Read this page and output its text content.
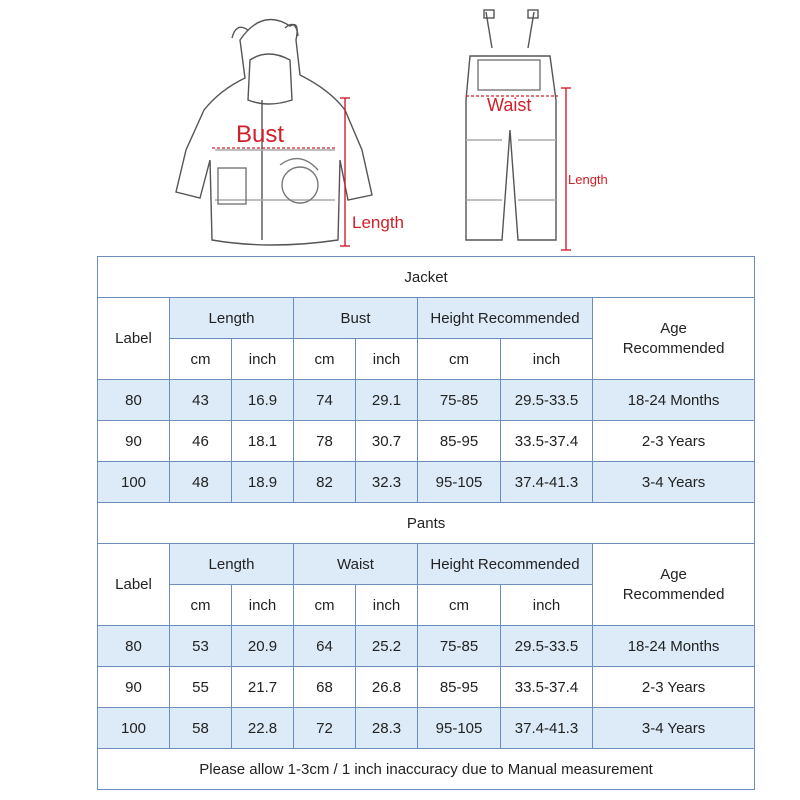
Bust
Length
Waist
Length
Jacket							
Label	Length		Bust		Height Recommended		Age Recommended
	cm	inch	cm	inch	cm	inch	
80	43	16.9	74	29.1	75-85	29.5-33.5	18-24 Months
90	46	18.1	78	30.7	85-95	33.5-37.4	2-3 Years
100	48	18.9	82	32.3	95-105	37.4-41.3	3-4 Years
Pants							
Label	Length		Waist		Height Recommended		Age Recommended
	cm	inch	cm	inch	cm	inch	
80	53	20.9	64	25.2	75-85	29.5-33.5	18-24 Months
90	55	21.7	68	26.8	85-95	33.5-37.4	2-3 Years
100	58	22.8	72	28.3	95-105	37.4-41.3	3-4 Years
Please allow 1-3cm / 1 inch inaccuracy due to Manual measurement							
